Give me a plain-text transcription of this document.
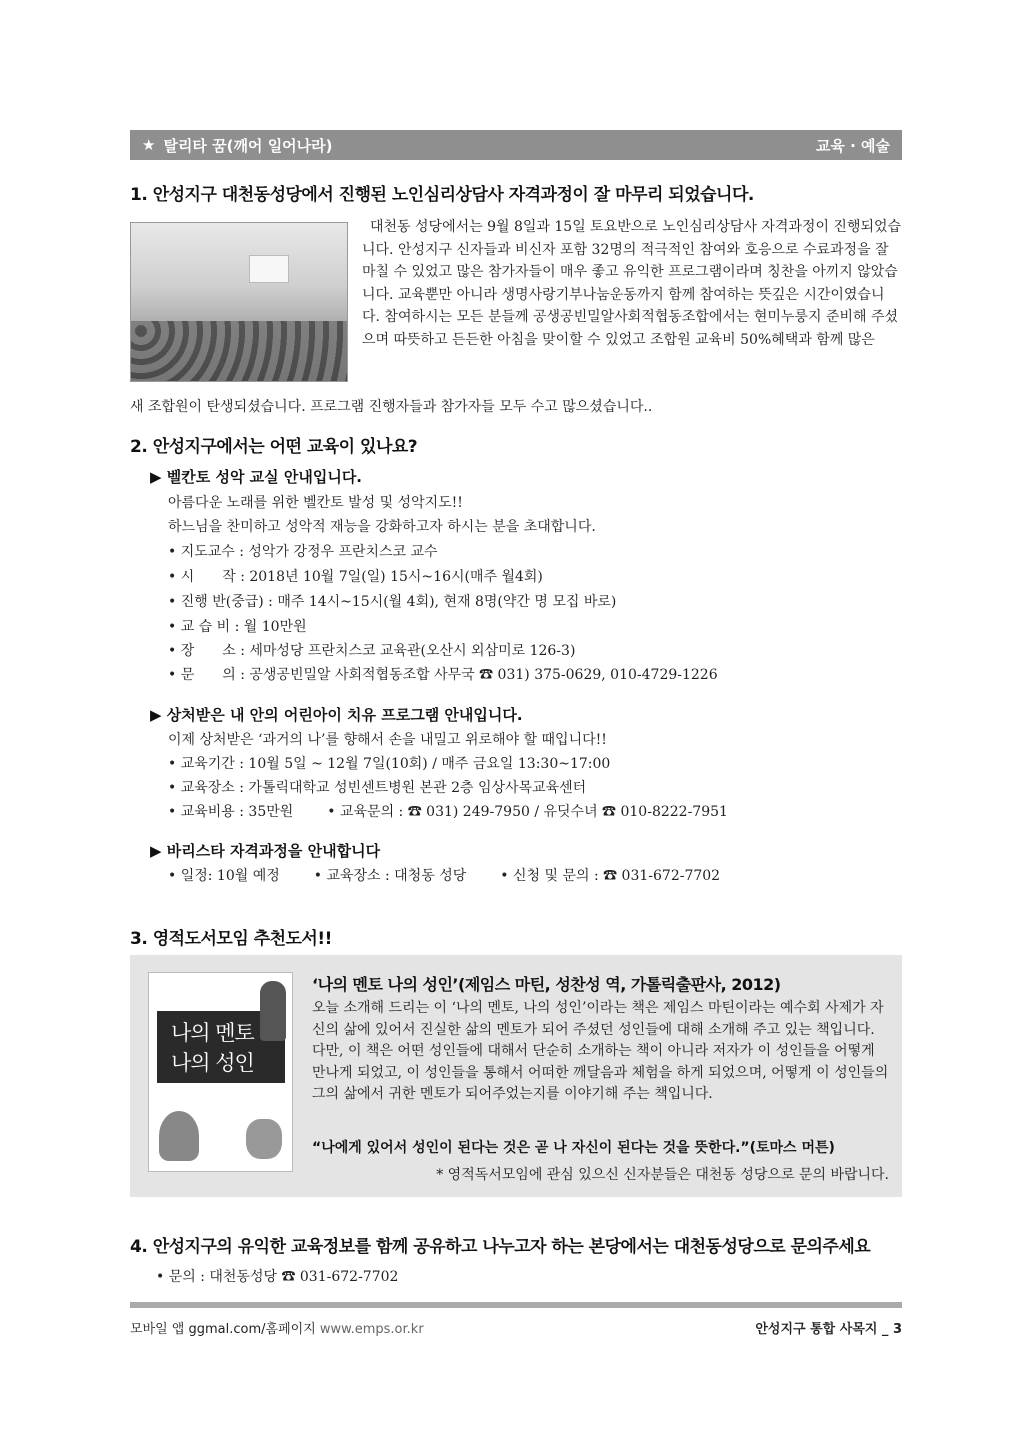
★ 탈리타 꿈(깨어 일어나라)	교육 · 예술
1. 안성지구 대천동성당에서 진행된 노인심리상담사 자격과정이 잘 마무리 되었습니다.
대천동 성당에서는 9월 8일과 15일 토요반으로 노인심리상담사 자격과정이 진행되었습니다. 안성지구 신자들과 비신자 포함 32명의 적극적인 참여와 호응으로 수료과정을 잘 마칠 수 있었고 많은 참가자들이 매우 좋고 유익한 프로그램이라며 칭찬을 아끼지 않았습니다. 교육뿐만 아니라 생명사랑기부나눔운동까지 함께 참여하는 뜻깊은 시간이였습니다. 참여하시는 모든 분들께 공생공빈밀알사회적협동조합에서는 현미누룽지 준비해 주셨으며 따뜻하고 든든한 아침을 맞이할 수 있었고 조합원 교육비 50%혜택과 함께 많은
새 조합원이 탄생되셨습니다. 프로그램 진행자들과 참가자들 모두 수고 많으셨습니다..
2. 안성지구에서는 어떤 교육이 있나요?
▶ 벨칸토 성악 교실 안내입니다.
아름다운 노래를 위한 벨칸토 발성 및 성악지도!!
하느님을 찬미하고 성악적 재능을 강화하고자 하시는 분을 초대합니다.
• 지도교수 : 성악가 강정우 프란치스코 교수
• 시　　작 : 2018년 10월 7일(일) 15시~16시(매주 월4회)
• 진행 반(중급) : 매주 14시~15시(월 4회), 현재 8명(약간 명 모집 바로)
• 교 습 비 : 월 10만원
• 장　　소 : 세마성당 프란치스코 교육관(오산시 외삼미로 126-3)
• 문　　의 : 공생공빈밀알 사회적협동조합 사무국 ☎ 031) 375-0629, 010-4729-1226
▶ 상처받은 내 안의 어린아이 치유 프로그램 안내입니다.
이제 상처받은 ‘과거의 나’를 향해서 손을 내밀고 위로해야 할 때입니다!!
• 교육기간 : 10월 5일 ~ 12월 7일(10회) / 매주 금요일 13:30~17:00
• 교육장소 : 가톨릭대학교 성빈센트병원 본관 2층 임상사목교육센터
• 교육비용 : 35만원 • 교육문의 : ☎ 031) 249-7950 / 유딧수녀 ☎ 010-8222-7951
▶ 바리스타 자격과정을 안내합니다
• 일정: 10월 예정 • 교육장소 : 대청동 성당 • 신청 및 문의 : ☎ 031-672-7702
3. 영적도서모임 추천도서!!
나의 멘토
나의 성인
‘나의 멘토 나의 성인’(제임스 마틴, 성찬성 역, 가톨릭출판사, 2012)
오늘 소개해 드리는 이 ‘나의 멘토, 나의 성인’이라는 책은 제임스 마틴이라는 예수회 사제가 자신의 삶에 있어서 진실한 삶의 멘토가 되어 주셨던 성인들에 대해 소개해 주고 있는 책입니다. 다만, 이 책은 어떤 성인들에 대해서 단순히 소개하는 책이 아니라 저자가 이 성인들을 어떻게 만나게 되었고, 이 성인들을 통해서 어떠한 깨달음과 체험을 하게 되었으며, 어떻게 이 성인들의 그의 삶에서 귀한 멘토가 되어주었는지를 이야기해 주는 책입니다.
“나에게 있어서 성인이 된다는 것은 곧 나 자신이 된다는 것을 뜻한다.”(토마스 머튼)
* 영적독서모임에 관심 있으신 신자분들은 대천동 성당으로 문의 바랍니다.
4. 안성지구의 유익한 교육정보를 함께 공유하고 나누고자 하는 본당에서는 대천동성당으로 문의주세요
• 문의 : 대천동성당 ☎ 031-672-7702
모바일 앱 ggmal.com/홈페이지 www.emps.or.kr	안성지구 통합 사목지 _ 3
